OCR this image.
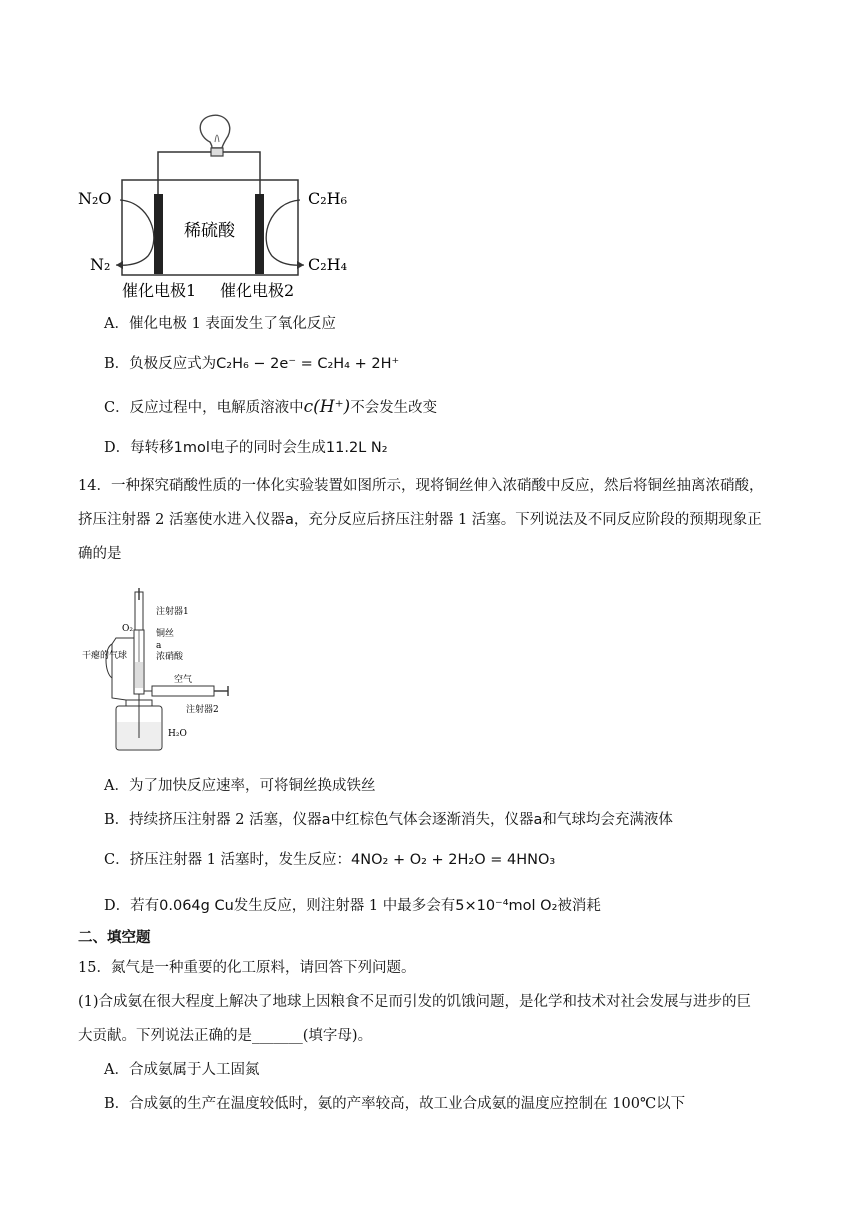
稀硫酸
N₂O
N₂
C₂H₆
C₂H₄
催化电极1 催化电极2
A．催化电极 1 表面发生了氧化反应
B．负极反应式为C₂H₆ − 2e⁻ = C₂H₄ + 2H⁺
C．反应过程中，电解质溶液中c(H⁺)不会发生改变
D．每转移1mol电子的同时会生成11.2L N₂
14．一种探究硝酸性质的一体化实验装置如图所示，现将铜丝伸入浓硝酸中反应，然后将铜丝抽离浓硝酸，
挤压注射器 2 活塞使水进入仪器a，充分反应后挤压注射器 1 活塞。下列说法及不同反应阶段的预期现象正
确的是
注射器1
O₂	铜丝
a
浓硝酸
干瘪的气球
空气
注射器2
H₂O
A．为了加快反应速率，可将铜丝换成铁丝
B．持续挤压注射器 2 活塞，仪器a中红棕色气体会逐渐消失，仪器a和气球均会充满液体
C．挤压注射器 1 活塞时，发生反应：4NO₂ + O₂ + 2H₂O = 4HNO₃
D．若有0.064g Cu发生反应，则注射器 1 中最多会有5×10⁻⁴mol O₂被消耗
二、填空题
15．氮气是一种重要的化工原料，请回答下列问题。
(1)合成氨在很大程度上解决了地球上因粮食不足而引发的饥饿问题，是化学和技术对社会发展与进步的巨
大贡献。下列说法正确的是_______(填字母)。
A．合成氨属于人工固氮
B．合成氨的生产在温度较低时，氨的产率较高，故工业合成氨的温度应控制在 100℃以下
